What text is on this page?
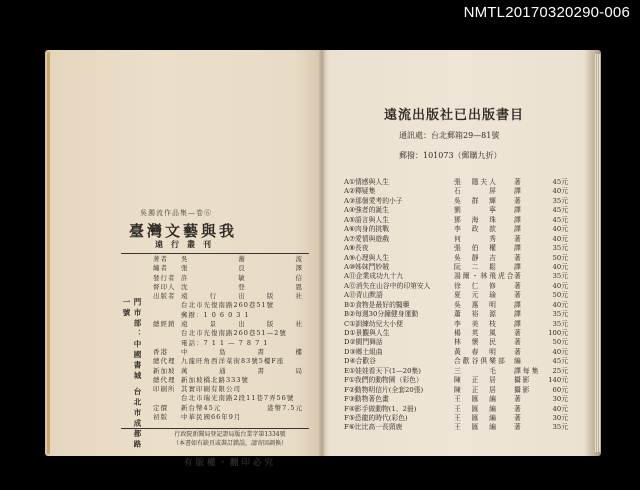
NMTL20170320290-006
吳濁流作品集—卷⑥
臺灣文藝與我
遠行叢刊
著者	吳	濁	流
編者	張	良	澤
發行者 許	敏	信
督印人 沈	登	恩
出版者 遠	行	出	版	社
台北市光復南路260巷51號
郵撥：1 0 6 0 3 1
總經銷 遠	景	出	版	社
台北市光復南路260巷51—2號
電話：7 1 1 — 7 8 7 1
香港	中	島	書	樓
總代理 九龍旺角西洋菜街83號5樓F座
新加坡 萬	通	書	局
總代理 新加坡橋北路333號
印刷所 其實印刷有限公司
台北市瑞光南路2段11巷7弄56號
定價	新台幣45元	港幣7.5元
初版	中華民國66年9月
門市部：中國書城 台北市成都路一號
行政院新聞局登記證局版台業字第1334號
（本書如有缺頁或裝訂錯誤，請寄回調換）
有版權・翻印必究
遠流出版社已出版書目
通訊處：台北郵箱29—81號
郵撥：101073（郵購九折）
A①情感與人生	張　隱夫人	著	45元
A②釋疑集	石　　　屏	譯	40元
A③那個愛考的小子	吳　群　輝	著	35元
A④強者的誕生	劉　　　寧	譯	45元
A⑤語言與人生	鄧　海　珠	譯	45元
A⑥肉身的挑戰	李　政　歆	譯	40元
A⑦愛情與遊戲	何　　　秀	著	40元
A⑧長夜	張　伯　權	譯	35元
A⑨心理與人生	吳　靜　吉	著	50元
A⑩姊妹鬥妙賊	阮　二　鬆	譯	40元
A⑪企業成功九十九	湯爾・林飛虎合
著	35元
A⑫消失在山谷中的印第安人	徐　仁　修	著	40元
A⑬青山默語	夏　元　瑜	著	50元
B①食物是最好的醫藥	吳　惠　明	譯	40元
B②每週30分鐘健身運動	蕭　裕　源	譯	35元
C①訓練幼兒大小便	李　美　枝	譯	35元
D①景觀與人生	楊　英　風	著	100元
D②閩門舞話	林　懷　民	著	50元
D③鄉土組曲	黃　春　明	著	40元
D④合歡谷	合歡谷俱樂部	編	45元
E①娃娃看天下(1—20集)	三　　　毛	譯每集	25元
F①我們的動物園（彩色）	陳　正　居	攝影	140元
F②動物明信片(全套20張)	陳　正　居	攝影	60元
F③動物著色畫	王　匯　編	著	30元
F④影手做動物(1、2冊)	王　匯　編	著	40元
F⑤恐龍的時代(彩色)	王　匯　編	著	30元
F⑥比比高一長頸鹿	王　匯　編	著	35元
